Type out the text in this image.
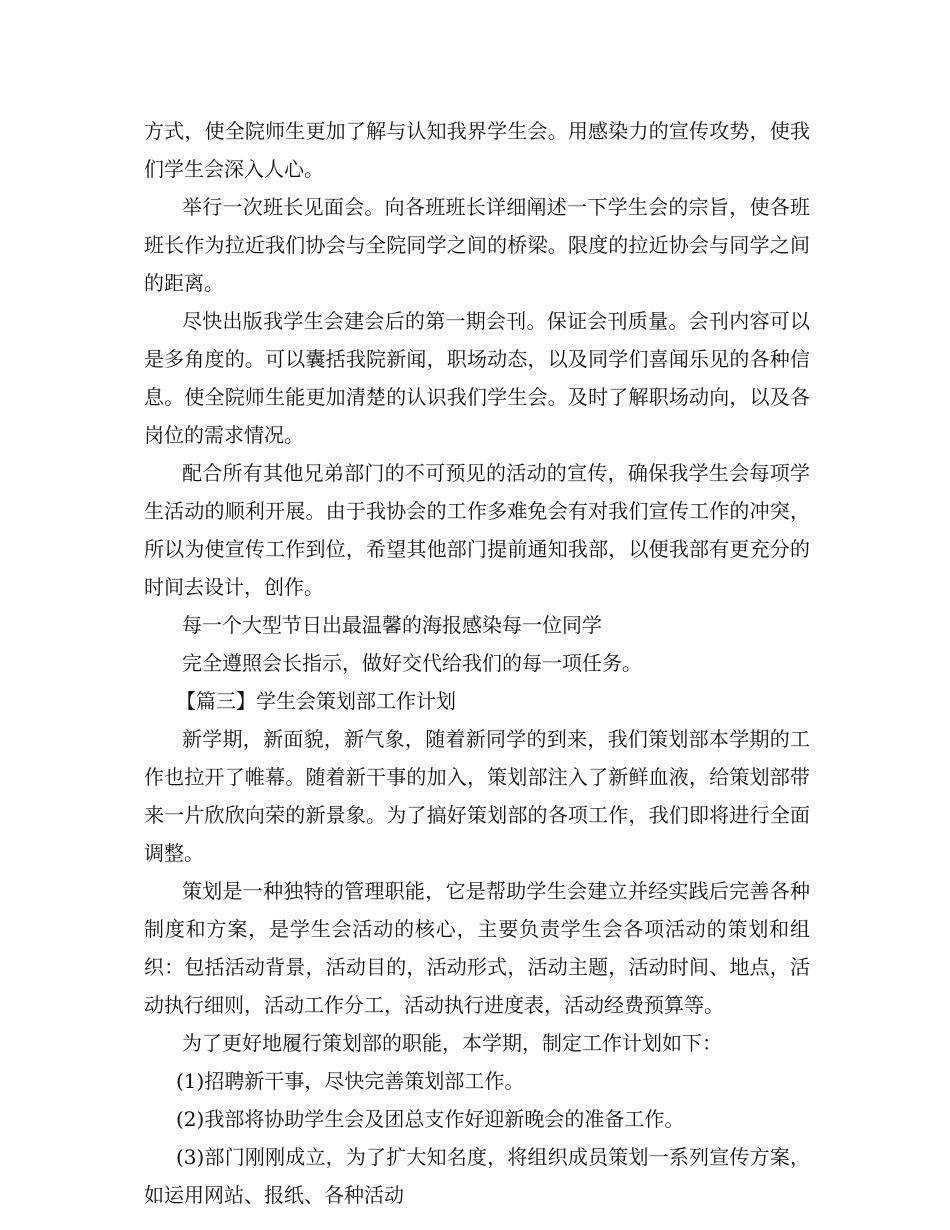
方式，使全院师生更加了解与认知我界学生会。用感染力的宣传攻势，使我们学生会深入人心。

举行一次班长见面会。向各班班长详细阐述一下学生会的宗旨，使各班班长作为拉近我们协会与全院同学之间的桥梁。限度的拉近协会与同学之间的距离。

尽快出版我学生会建会后的第一期会刊。保证会刊质量。会刊内容可以是多角度的。可以囊括我院新闻，职场动态，以及同学们喜闻乐见的各种信息。使全院师生能更加清楚的认识我们学生会。及时了解职场动向，以及各岗位的需求情况。

配合所有其他兄弟部门的不可预见的活动的宣传，确保我学生会每项学生活动的顺利开展。由于我协会的工作多难免会有对我们宣传工作的冲突，所以为使宣传工作到位，希望其他部门提前通知我部，以便我部有更充分的时间去设计，创作。

每一个大型节日出最温馨的海报感染每一位同学

完全遵照会长指示，做好交代给我们的每一项任务。

【篇三】学生会策划部工作计划

新学期，新面貌，新气象，随着新同学的到来，我们策划部本学期的工作也拉开了帷幕。随着新干事的加入，策划部注入了新鲜血液，给策划部带来一片欣欣向荣的新景象。为了搞好策划部的各项工作，我们即将进行全面调整。

策划是一种独特的管理职能，它是帮助学生会建立并经实践后完善各种制度和方案，是学生会活动的核心，主要负责学生会各项活动的策划和组织：包括活动背景，活动目的，活动形式，活动主题，活动时间、地点，活动执行细则，活动工作分工，活动执行进度表，活动经费预算等。

为了更好地履行策划部的职能，本学期，制定工作计划如下：

(1)招聘新干事，尽快完善策划部工作。

(2)我部将协助学生会及团总支作好迎新晚会的准备工作。

(3)部门刚刚成立，为了扩大知名度，将组织成员策划一系列宣传方案，如运用网站、报纸、各种活动
